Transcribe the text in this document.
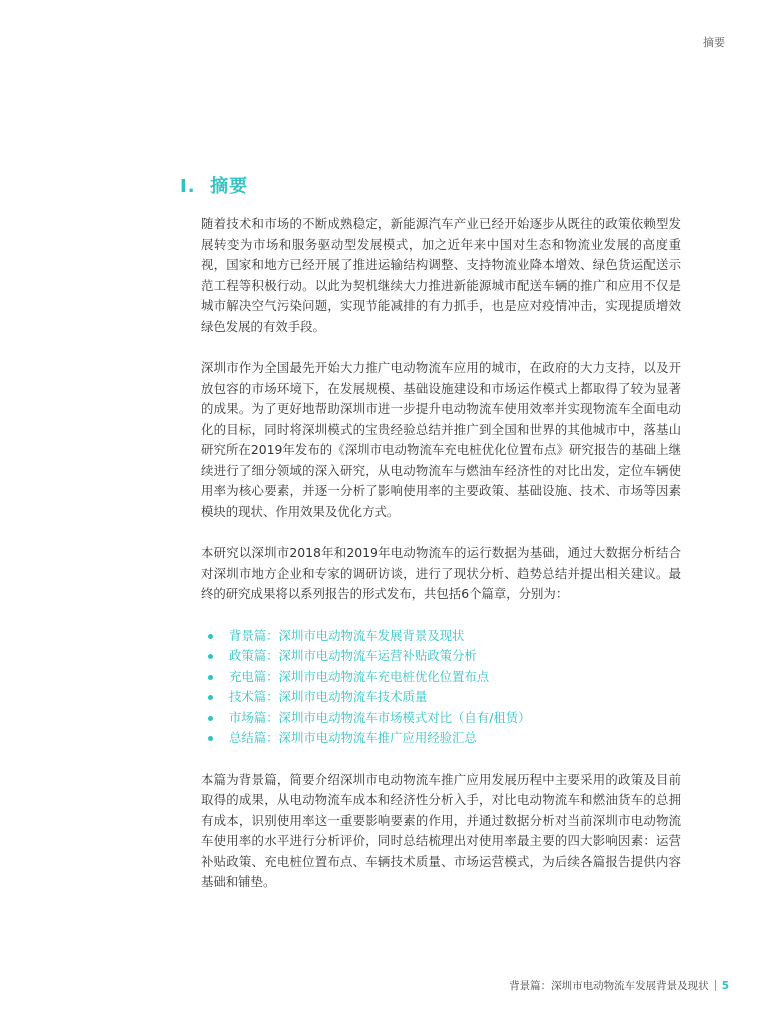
摘要
I. 摘要

随着技术和市场的不断成熟稳定，新能源汽车产业已经开始逐步从既往的政策依赖型发展转变为市场和服务驱动型发展模式，加之近年来中国对生态和物流业发展的高度重视，国家和地方已经开展了推进运输结构调整、支持物流业降本增效、绿色货运配送示范工程等积极行动。以此为契机继续大力推进新能源城市配送车辆的推广和应用不仅是城市解决空气污染问题，实现节能减排的有力抓手，也是应对疫情冲击，实现提质增效绿色发展的有效手段。

深圳市作为全国最先开始大力推广电动物流车应用的城市，在政府的大力支持，以及开放包容的市场环境下，在发展规模、基础设施建设和市场运作模式上都取得了较为显著的成果。为了更好地帮助深圳市进一步提升电动物流车使用效率并实现物流车全面电动化的目标，同时将深圳模式的宝贵经验总结并推广到全国和世界的其他城市中，落基山研究所在2019年发布的《深圳市电动物流车充电桩优化位置布点》研究报告的基础上继续进行了细分领域的深入研究，从电动物流车与燃油车经济性的对比出发，定位车辆使用率为核心要素，并逐一分析了影响使用率的主要政策、基础设施、技术、市场等因素模块的现状、作用效果及优化方式。

本研究以深圳市2018年和2019年电动物流车的运行数据为基础，通过大数据分析结合对深圳市地方企业和专家的调研访谈，进行了现状分析、趋势总结并提出相关建议。最终的研究成果将以系列报告的形式发布，共包括6个篇章，分别为：

背景篇：深圳市电动物流车发展背景及现状
政策篇：深圳市电动物流车运营补贴政策分析
充电篇：深圳市电动物流车充电桩优化位置布点
技术篇：深圳市电动物流车技术质量
市场篇：深圳市电动物流车市场模式对比（自有/租赁）
总结篇：深圳市电动物流车推广应用经验汇总

本篇为背景篇，简要介绍深圳市电动物流车推广应用发展历程中主要采用的政策及目前取得的成果，从电动物流车成本和经济性分析入手，对比电动物流车和燃油货车的总拥有成本，识别使用率这一重要影响要素的作用，并通过数据分析对当前深圳市电动物流车使用率的水平进行分析评价，同时总结梳理出对使用率最主要的四大影响因素：运营补贴政策、充电桩位置布点、车辆技术质量、市场运营模式，为后续各篇报告提供内容基础和铺垫。

背景篇：深圳市电动物流车发展背景及现状 5
